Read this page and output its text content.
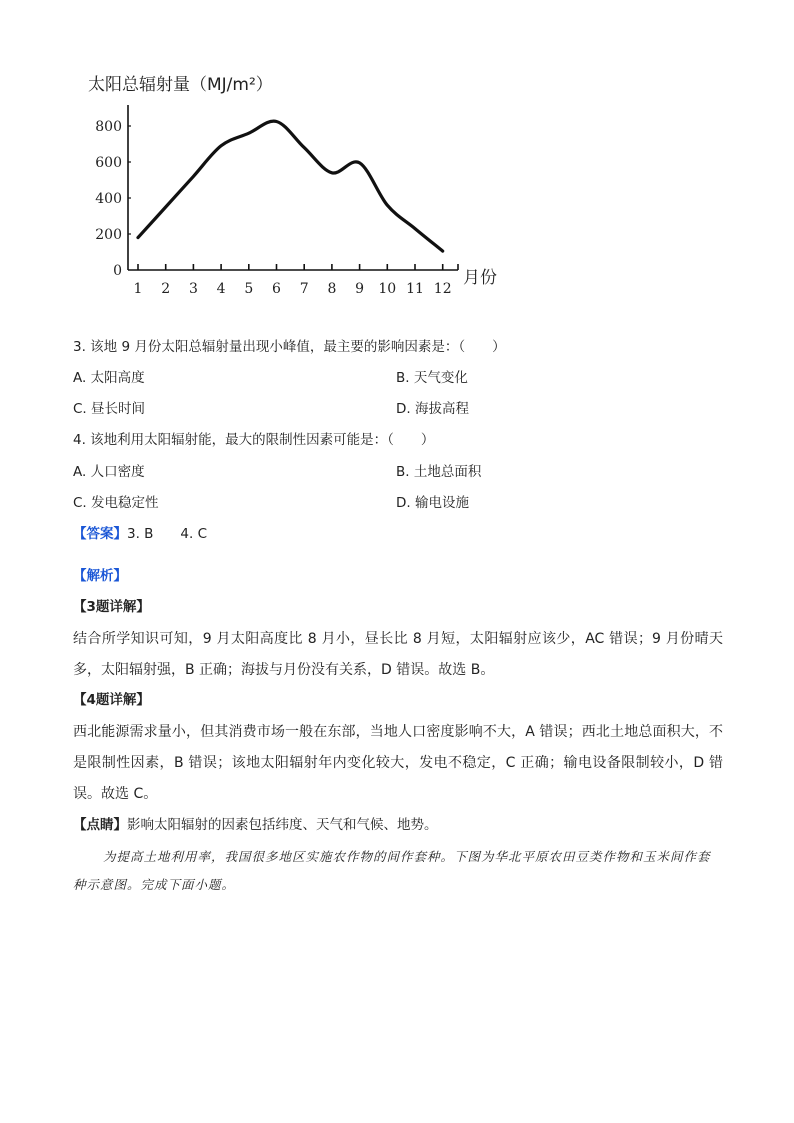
太阳总辐射量（MJ/m²）
0
200
400
600
800
1 2 3 4 5 6 7 8 9 10 11 12
月份
3. 该地 9 月份太阳总辐射量出现小峰值，最主要的影响因素是：（　　）
A. 太阳高度	B. 天气变化
C. 昼长时间	D. 海拔高程
4. 该地利用太阳辐射能，最大的限制性因素可能是：（　　）
A. 人口密度	B. 土地总面积
C. 发电稳定性	D. 输电设施
【答案】3. B　　4. C
【解析】
【3题详解】
结合所学知识可知，9 月太阳高度比 8 月小，昼长比 8 月短，太阳辐射应该少，AC 错误；9 月份晴天多，太阳辐射强，B 正确；海拔与月份没有关系，D 错误。故选 B。
【4题详解】
西北能源需求量小，但其消费市场一般在东部，当地人口密度影响不大，A 错误；西北土地总面积大，不是限制性因素，B 错误；该地太阳辐射年内变化较大，发电不稳定，C 正确；输电设备限制较小，D 错误。故选 C。
【点睛】影响太阳辐射的因素包括纬度、天气和气候、地势。
为提高土地利用率，我国很多地区实施农作物的间作套种。下图为华北平原农田豆类作物和玉米间作套种示意图。完成下面小题。
